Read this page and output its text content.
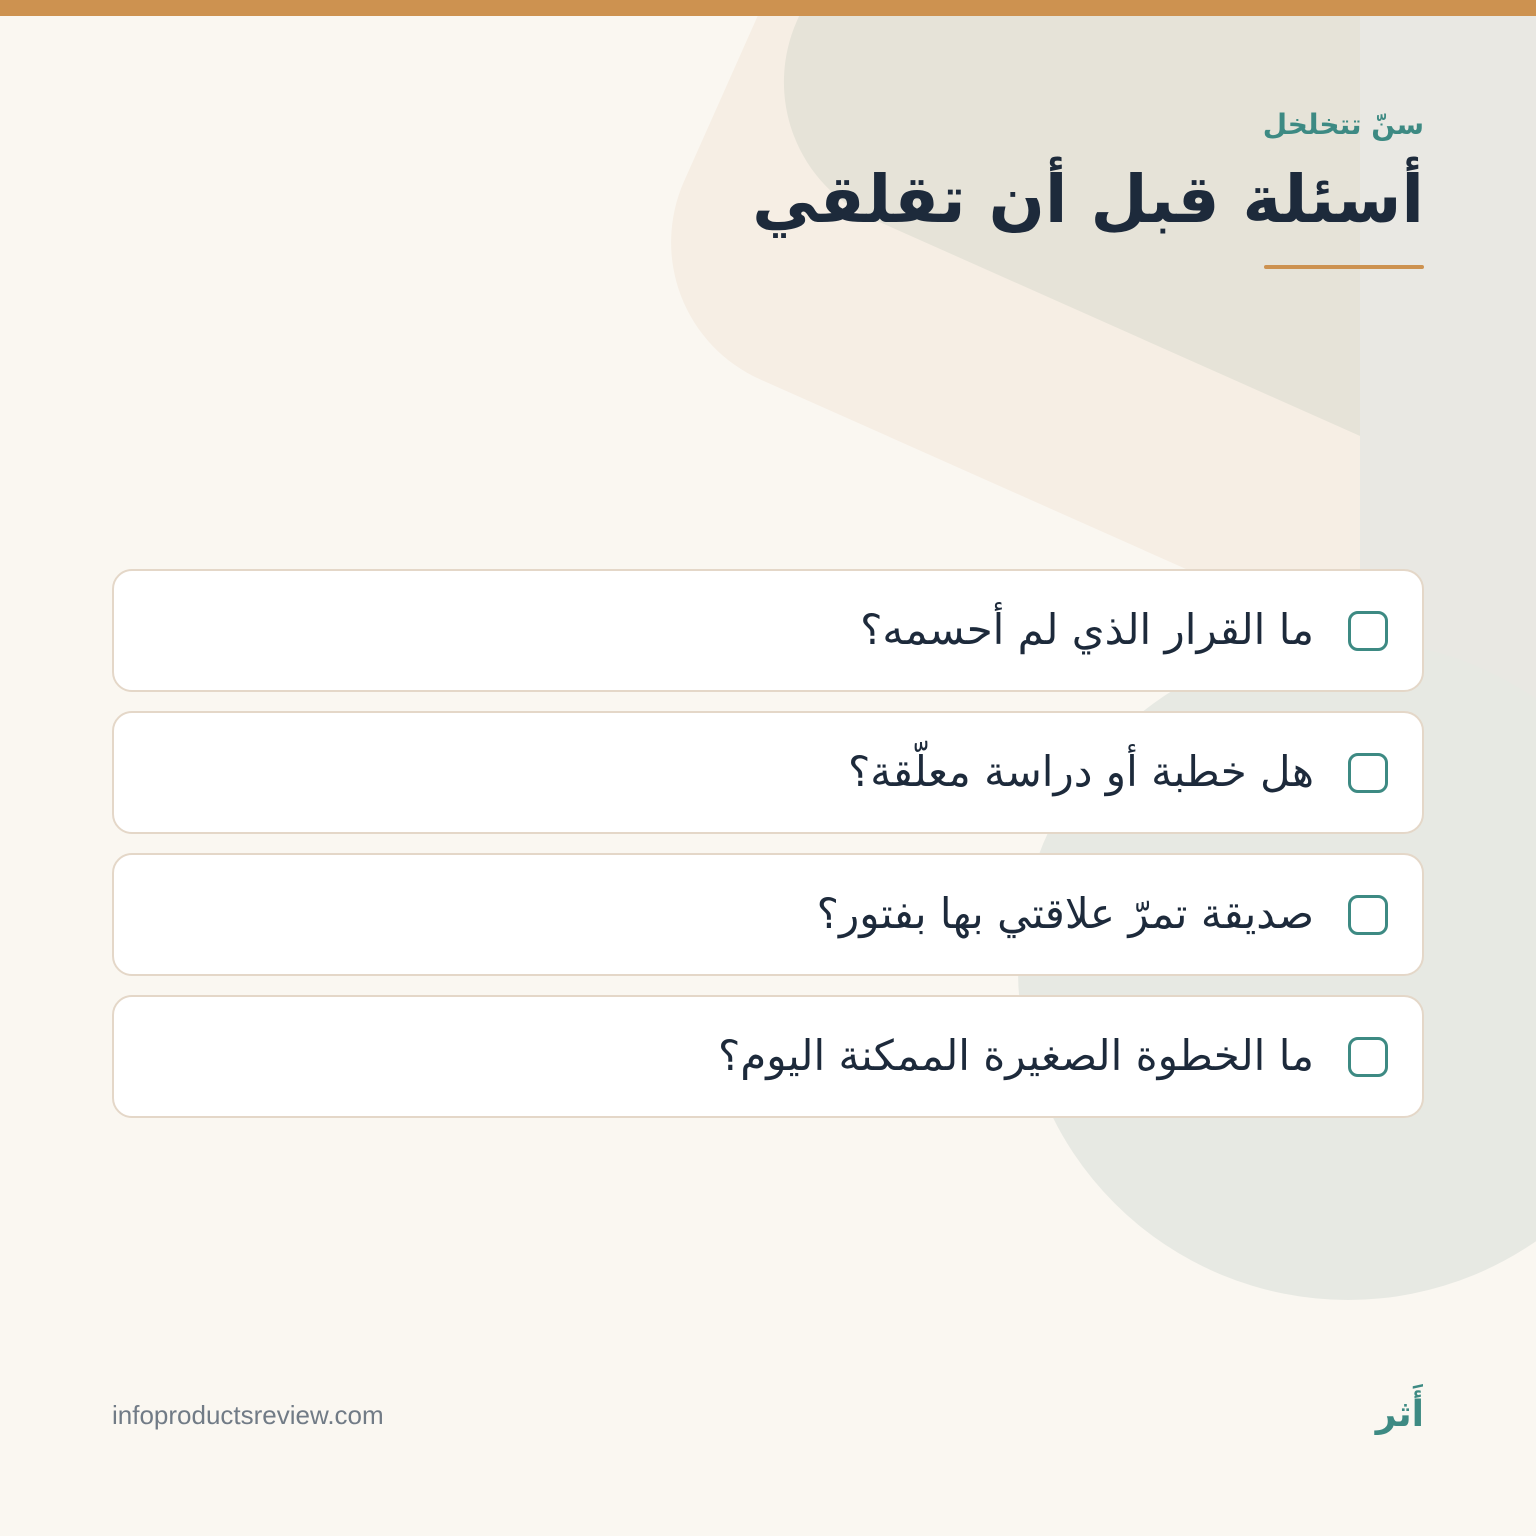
سنّ تتخلخل
أسئلة قبل أن تقلقي
ما القرار الذي لم أحسمه؟
هل خطبة أو دراسة معلّقة؟
صديقة تمرّ علاقتي بها بفتور؟
ما الخطوة الصغيرة الممكنة اليوم؟
infoproductsreview.com	أَثر
